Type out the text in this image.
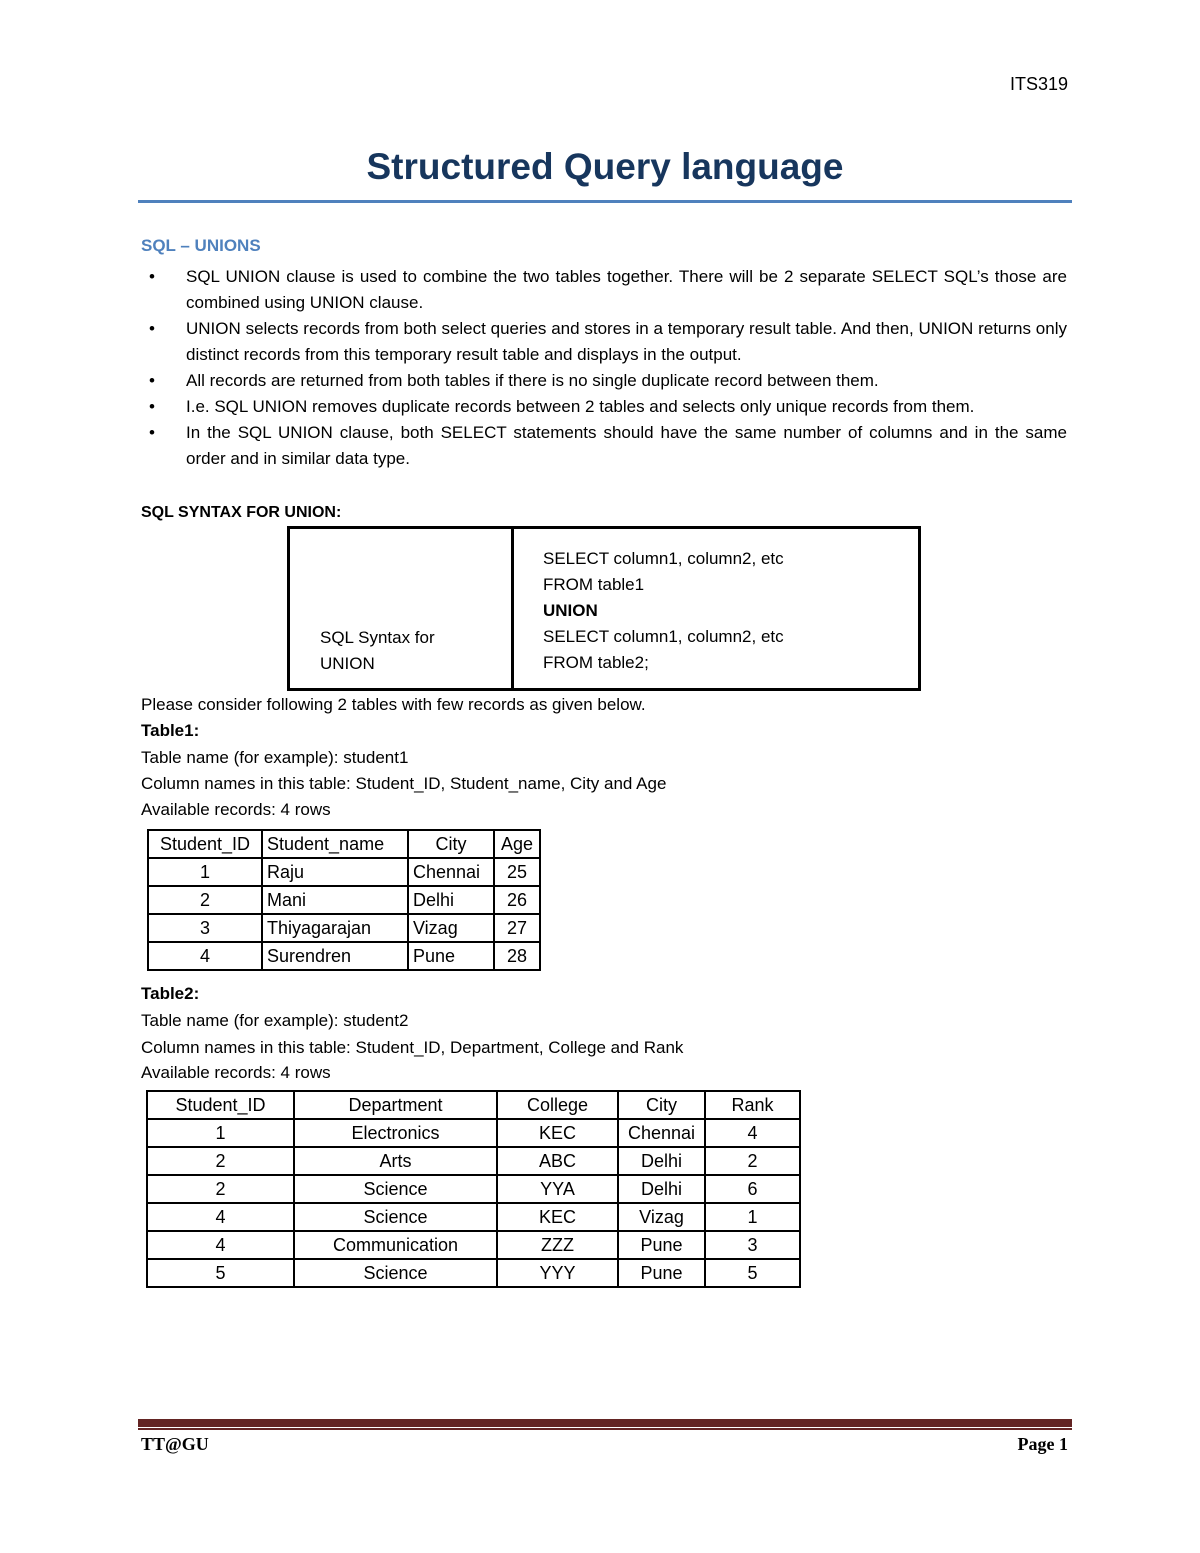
ITS319
Structured Query language
SQL – UNIONS
• SQL UNION clause is used to combine the two tables together. There will be 2 separate SELECT SQL’s those are combined using UNION clause.
• UNION selects records from both select queries and stores in a temporary result table. And then, UNION returns only distinct records from this temporary result table and displays in the output.
• All records are returned from both tables if there is no single duplicate record between them.
• I.e. SQL UNION removes duplicate records between 2 tables and selects only unique records from them.
• In the SQL UNION clause, both SELECT statements should have the same number of columns and in the same order and in similar data type.
SQL SYNTAX FOR UNION:
SQL Syntax for
UNION
SELECT column1, column2, etc
FROM table1
UNION
SELECT column1, column2, etc
FROM table2;
Please consider following 2 tables with few records as given below.
Table1:
Table name (for example): student1
Column names in this table: Student_ID, Student_name, City and Age
Available records: 4 rows
Student_ID	Student_name	City	Age
1	Raju	Chennai	25
2	Mani	Delhi	26
3	Thiyagarajan	Vizag	27
4	Surendren	Pune	28
Table2:
Table name (for example): student2
Column names in this table: Student_ID, Department, College and Rank
Available records: 4 rows
Student_ID	Department	College	City	Rank
1	Electronics	KEC	Chennai	4
2	Arts	ABC	Delhi	2
2	Science	YYA	Delhi	6
4	Science	KEC	Vizag	1
4	Communication	ZZZ	Pune	3
5	Science	YYY	Pune	5
TT@GU	Page 1
